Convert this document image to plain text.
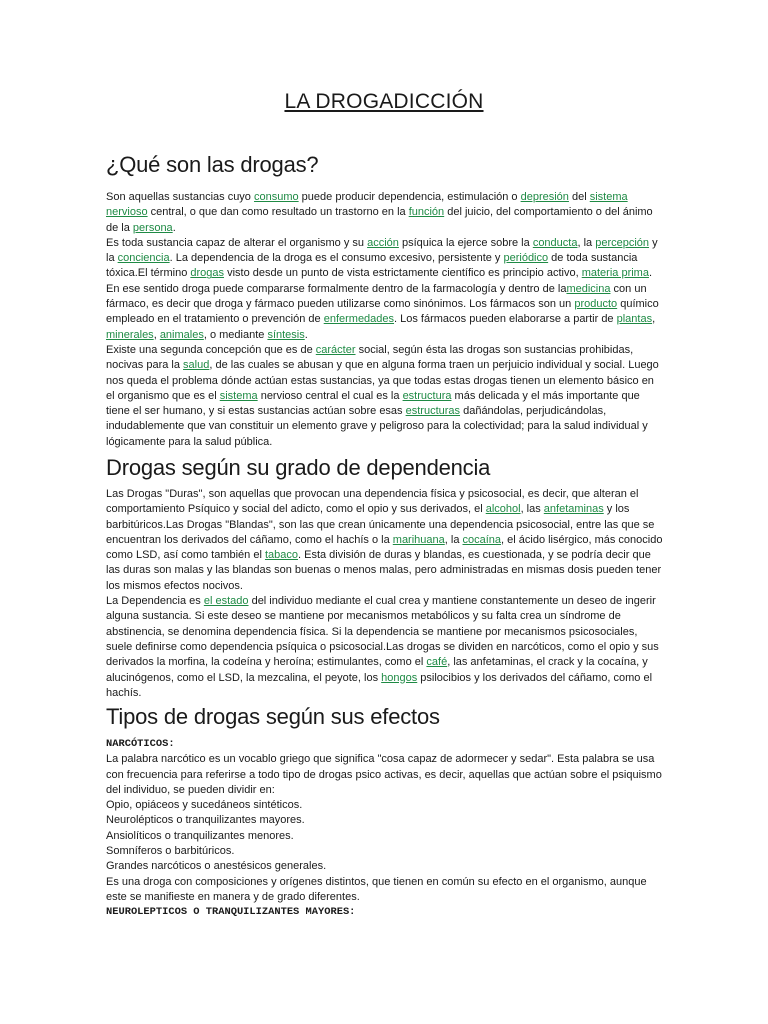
LA DROGADICCIÓN
¿Qué son las drogas?

Son aquellas sustancias cuyo consumo puede producir dependencia, estimulación o depresión del sistema nervioso central, o que dan como resultado un trastorno en la función del juicio, del comportamiento o del ánimo de la persona.

Es toda sustancia capaz de alterar el organismo y su acción psíquica la ejerce sobre la conducta, la percepción y la conciencia. La dependencia de la droga es el consumo excesivo, persistente y periódico de toda sustancia tóxica.El término drogas visto desde un punto de vista estrictamente científico es principio activo, materia prima. En ese sentido droga puede compararse formalmente dentro de la farmacología y dentro de lamedicina con un fármaco, es decir que droga y fármaco pueden utilizarse como sinónimos. Los fármacos son un producto químico empleado en el tratamiento o prevención de enfermedades. Los fármacos pueden elaborarse a partir de plantas, minerales, animales, o mediante síntesis.

Existe una segunda concepción que es de carácter social, según ésta las drogas son sustancias prohibidas, nocivas para la salud, de las cuales se abusan y que en alguna forma traen un perjuicio individual y social. Luego nos queda el problema dónde actúan estas sustancias, ya que todas estas drogas tienen un elemento básico en el organismo que es el sistema nervioso central el cual es la estructura más delicada y el más importante que tiene el ser humano, y si estas sustancias actúan sobre esas estructuras dañándolas, perjudicándolas, indudablemente que van constituir un elemento grave y peligroso para la colectividad; para la salud individual y lógicamente para la salud pública.

Drogas según su grado de dependencia

Las Drogas "Duras", son aquellas que provocan una dependencia física y psicosocial, es decir, que alteran el comportamiento Psíquico y social del adicto, como el opio y sus derivados, el alcohol, las anfetaminas y los barbitúricos.Las Drogas "Blandas", son las que crean únicamente una dependencia psicosocial, entre las que se encuentran los derivados del cáñamo, como el hachís o la marihuana, la cocaína, el ácido lisérgico, más conocido como LSD, así como también el tabaco. Esta división de duras y blandas, es cuestionada, y se podría decir que las duras son malas y las blandas son buenas o menos malas, pero administradas en mismas dosis pueden tener los mismos efectos nocivos.

La Dependencia es el estado del individuo mediante el cual crea y mantiene constantemente un deseo de ingerir alguna sustancia. Si este deseo se mantiene por mecanismos metabólicos y su falta crea un síndrome de abstinencia, se denomina dependencia física. Si la dependencia se mantiene por mecanismos psicosociales, suele definirse como dependencia psíquica o psicosocial.Las drogas se dividen en narcóticos, como el opio y sus derivados la morfina, la codeína y heroína; estimulantes, como el café, las anfetaminas, el crack y la cocaína, y alucinógenos, como el LSD, la mezcalina, el peyote, los hongos psilocibios y los derivados del cáñamo, como el hachís.

Tipos de drogas según sus efectos

NARCÓTICOS:

La palabra narcótico es un vocablo griego que significa "cosa capaz de adormecer y sedar". Esta palabra se usa con frecuencia para referirse a todo tipo de drogas psico activas, es decir, aquellas que actúan sobre el psiquismo del individuo, se pueden dividir en:

Opio, opiáceos y sucedáneos sintéticos.

Neurolépticos o tranquilizantes mayores.

Ansiolíticos o tranquilizantes menores.

Somníferos o barbitúricos.

Grandes narcóticos o anestésicos generales.

Es una droga con composiciones y orígenes distintos, que tienen en común su efecto en el organismo, aunque este se manifieste en manera y de grado diferentes.

NEUROLEPTICOS O TRANQUILIZANTES MAYORES:
